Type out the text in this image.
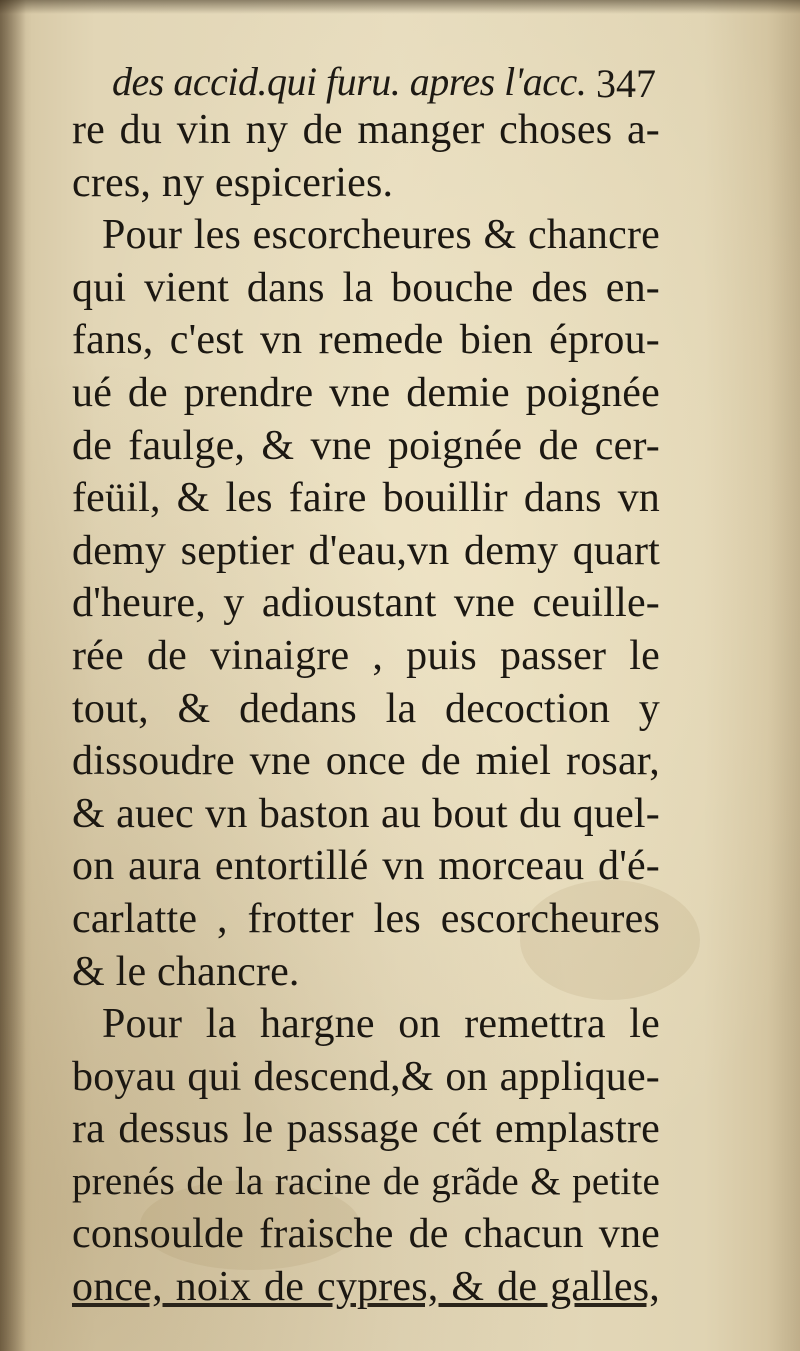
des accid.qui furu. apres l'acc. 347
re du vin ny de manger choses a-
cres, ny espiceries.
Pour les escorcheures & chancre
qui vient dans la bouche des en-
fans, c'est vn remede bien éprou-
ué de prendre vne demie poignée
de faulge, & vne poignée de cer-
feüil, & les faire bouillir dans vn
demy septier d'eau,vn demy quart
d'heure, y adioustant vne ceuille-
rée de vinaigre , puis passer le
tout, & dedans la decoction y
dissoudre vne once de miel rosar,
& auec vn baston au bout du quel-
on aura entortillé vn morceau d'é-
carlatte , frotter les escorcheures
& le chancre.
Pour la hargne on remettra le
boyau qui descend,& on applique-
ra dessus le passage cét emplastre
prenés de la racine de grãde & petite
consoulde fraische de chacun vne
once, noix de cypres, & de galles,
